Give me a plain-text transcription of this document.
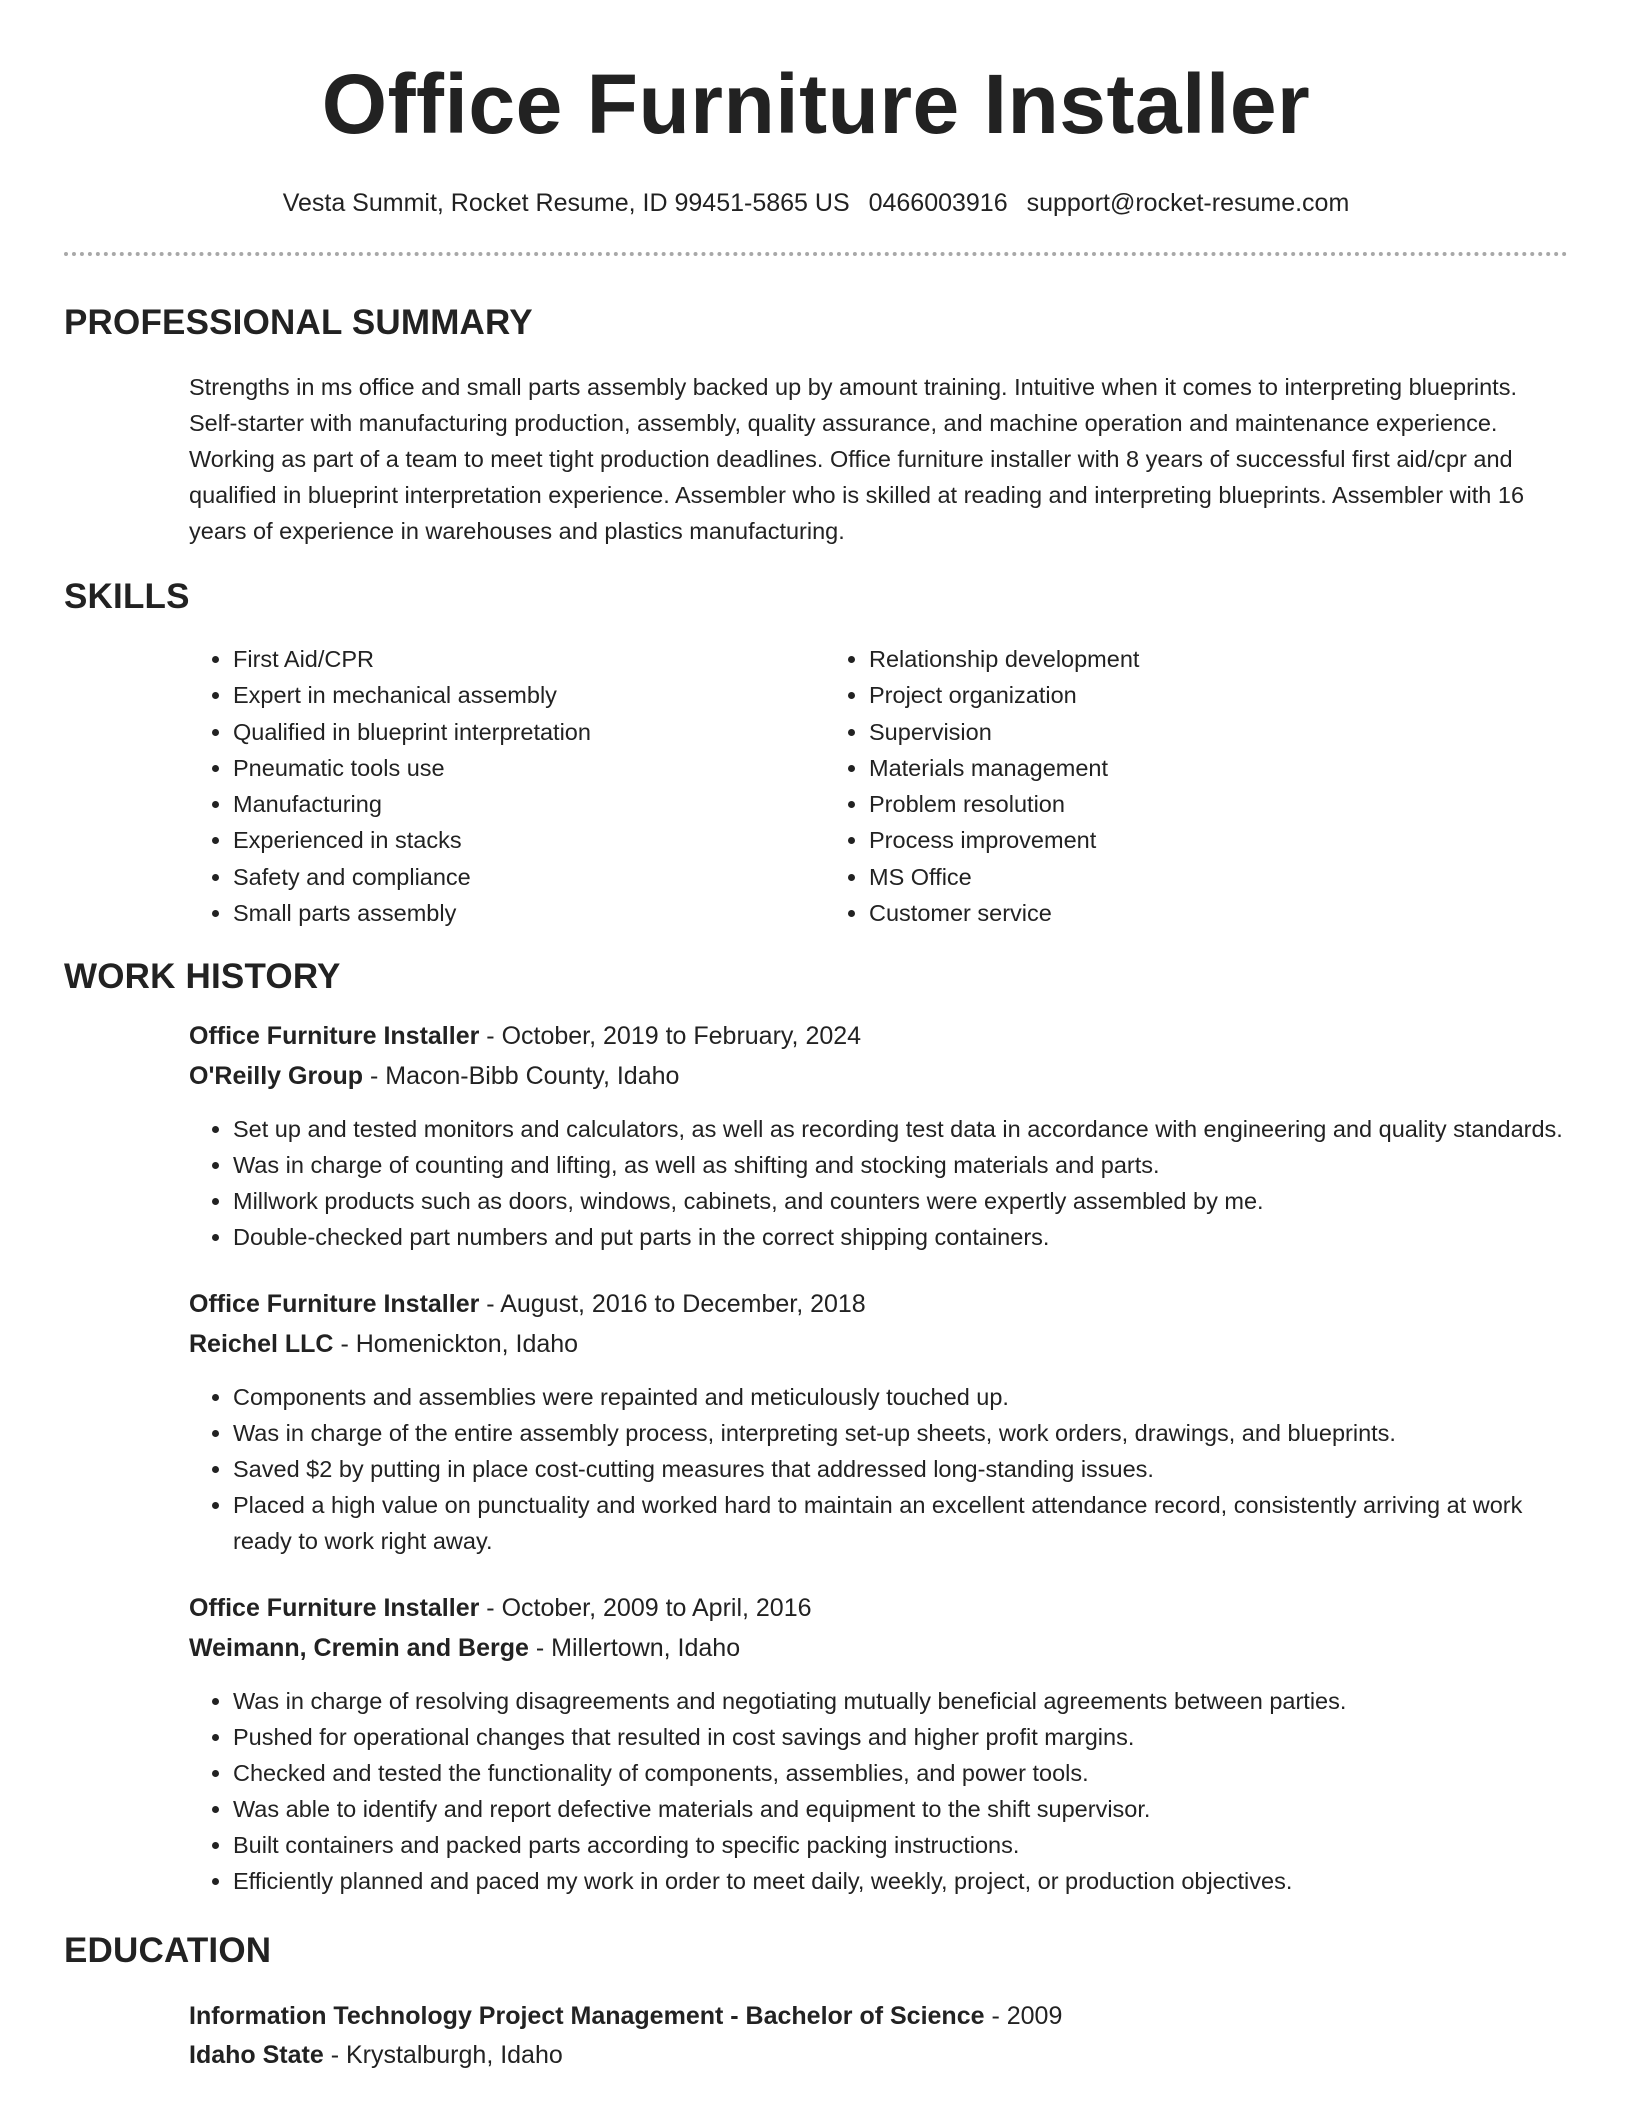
Office Furniture Installer
Vesta Summit, Rocket Resume, ID 99451-5865 US 0466003916 support@rocket-resume.com
PROFESSIONAL SUMMARY

Strengths in ms office and small parts assembly backed up by amount training. Intuitive when it comes to interpreting blueprints. Self-starter with manufacturing production, assembly, quality assurance, and machine operation and maintenance experience. Working as part of a team to meet tight production deadlines. Office furniture installer with 8 years of successful first aid/cpr and qualified in blueprint interpretation experience. Assembler who is skilled at reading and interpreting blueprints. Assembler with 16 years of experience in warehouses and plastics manufacturing.

SKILLS
• First Aid/CPR
• Expert in mechanical assembly
• Qualified in blueprint interpretation
• Pneumatic tools use
• Manufacturing
• Experienced in stacks
• Safety and compliance
• Small parts assembly
• Relationship development
• Project organization
• Supervision
• Materials management
• Problem resolution
• Process improvement
• MS Office
• Customer service
WORK HISTORY
Office Furniture Installer - October, 2019 to February, 2024
O'Reilly Group - Macon-Bibb County, Idaho
• Set up and tested monitors and calculators, as well as recording test data in accordance with engineering and quality standards.
• Was in charge of counting and lifting, as well as shifting and stocking materials and parts.
• Millwork products such as doors, windows, cabinets, and counters were expertly assembled by me.
• Double-checked part numbers and put parts in the correct shipping containers.
Office Furniture Installer - August, 2016 to December, 2018
Reichel LLC - Homenickton, Idaho
• Components and assemblies were repainted and meticulously touched up.
• Was in charge of the entire assembly process, interpreting set-up sheets, work orders, drawings, and blueprints.
• Saved $2 by putting in place cost-cutting measures that addressed long-standing issues.
• Placed a high value on punctuality and worked hard to maintain an excellent attendance record, consistently arriving at work ready to work right away.
Office Furniture Installer - October, 2009 to April, 2016
Weimann, Cremin and Berge - Millertown, Idaho
• Was in charge of resolving disagreements and negotiating mutually beneficial agreements between parties.
• Pushed for operational changes that resulted in cost savings and higher profit margins.
• Checked and tested the functionality of components, assemblies, and power tools.
• Was able to identify and report defective materials and equipment to the shift supervisor.
• Built containers and packed parts according to specific packing instructions.
• Efficiently planned and paced my work in order to meet daily, weekly, project, or production objectives.
EDUCATION
Information Technology Project Management - Bachelor of Science - 2009
Idaho State - Krystalburgh, Idaho
